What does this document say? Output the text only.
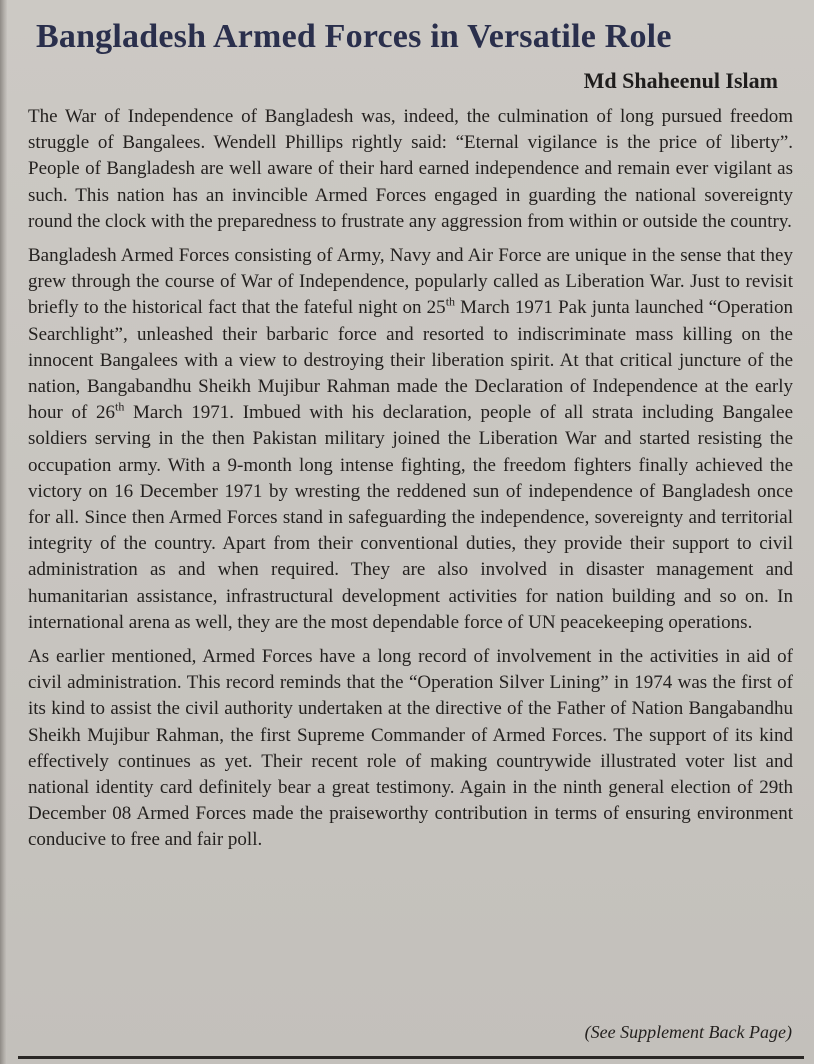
Bangladesh Armed Forces in Versatile Role
Md Shaheenul Islam

The War of Independence of Bangladesh was, indeed, the culmination of long pursued freedom struggle of Bangalees. Wendell Phillips rightly said: “Eternal vigilance is the price of liberty”. People of Bangladesh are well aware of their hard earned independence and remain ever vigilant as such. This nation has an invincible Armed Forces engaged in guarding the national sovereignty round the clock with the preparedness to frustrate any aggression from within or outside the country.

Bangladesh Armed Forces consisting of Army, Navy and Air Force are unique in the sense that they grew through the course of War of Independence, popularly called as Liberation War. Just to revisit briefly to the historical fact that the fateful night on 25th March 1971 Pak junta launched “Operation Searchlight”, unleashed their barbaric force and resorted to indiscriminate mass killing on the innocent Bangalees with a view to destroying their liberation spirit. At that critical juncture of the nation, Bangabandhu Sheikh Mujibur Rahman made the Declaration of Independence at the early hour of 26th March 1971. Imbued with his declaration, people of all strata including Bangalee soldiers serving in the then Pakistan military joined the Liberation War and started resisting the occupation army. With a 9-month long intense fighting, the freedom fighters finally achieved the victory on 16 December 1971 by wresting the reddened sun of independence of Bangladesh once for all. Since then Armed Forces stand in safeguarding the independence, sovereignty and territorial integrity of the country. Apart from their conventional duties, they provide their support to civil administration as and when required. They are also involved in disaster management and humanitarian assistance, infrastructural development activities for nation building and so on. In international arena as well, they are the most dependable force of UN peacekeeping operations.

As earlier mentioned, Armed Forces have a long record of involvement in the activities in aid of civil administration. This record reminds that the “Operation Silver Lining” in 1974 was the first of its kind to assist the civil authority undertaken at the directive of the Father of Nation Bangabandhu Sheikh Mujibur Rahman, the first Supreme Commander of Armed Forces. The support of its kind effectively continues as yet. Their recent role of making countrywide illustrated voter list and national identity card definitely bear a great testimony. Again in the ninth general election of 29th December 08 Armed Forces made the praiseworthy contribution in terms of ensuring environment conducive to free and fair poll.

(See Supplement Back Page)
